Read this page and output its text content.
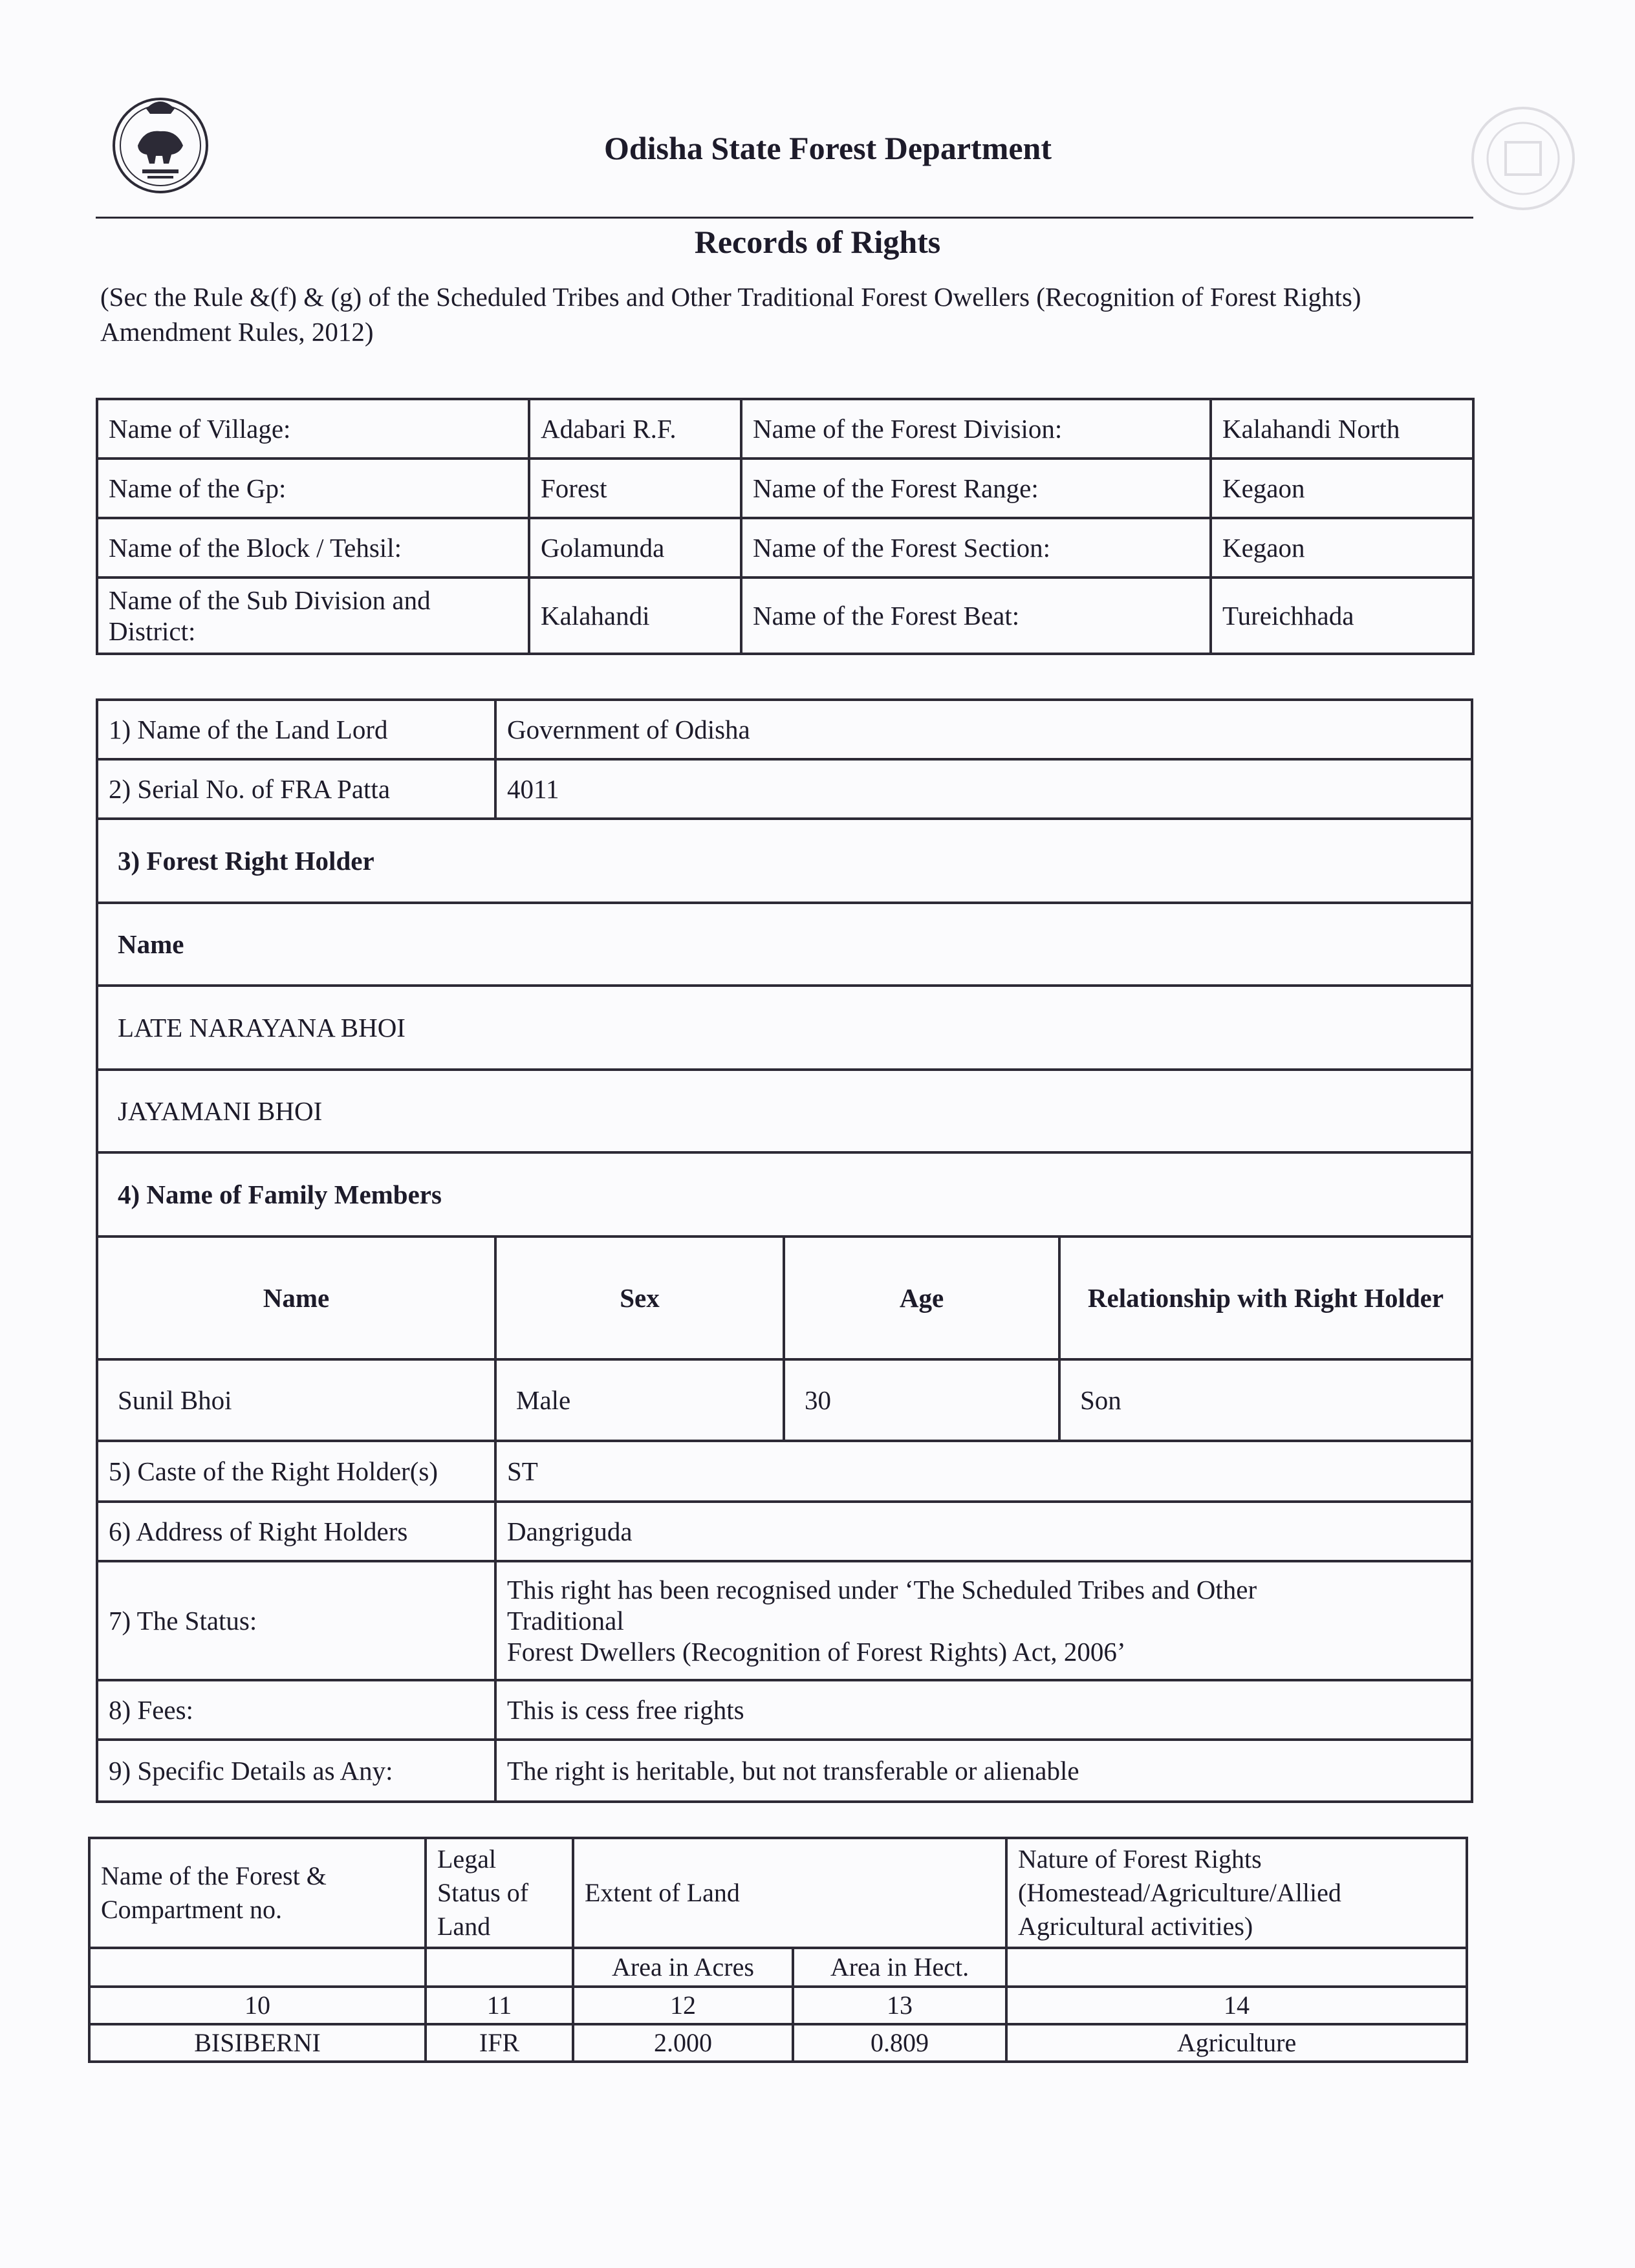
Odisha State Forest Department
Records of Rights
(Sec the Rule &(f) & (g) of the Scheduled Tribes and Other Traditional Forest Owellers (Recognition of Forest Rights) Amendment Rules, 2012)
Name of Village:	Adabari R.F.	Name of the Forest Division:	Kalahandi North
Name of the Gp:	Forest	Name of the Forest Range:	Kegaon
Name of the Block / Tehsil:	Golamunda	Name of the Forest Section:	Kegaon
Name of the Sub Division and District:	Kalahandi	Name of the Forest Beat:	Tureichhada
1) Name of the Land Lord	Government of Odisha		
2) Serial No. of FRA Patta	4011		
3) Forest Right Holder			
Name			
LATE NARAYANA BHOI			
JAYAMANI BHOI			
4) Name of Family Members			
Name	Sex	Age	Relationship with Right Holder
Sunil Bhoi	Male	30	Son
5) Caste of the Right Holder(s)	ST		
6) Address of Right Holders	Dangriguda		
7) The Status:	This right has been recognised under ‘The Scheduled Tribes and Other
Traditional
Forest Dwellers (Recognition of Forest Rights) Act, 2006’		

8) Fees:	This is cess free rights		
9) Specific Details as Any:	The right is heritable, but not transferable or alienable		
Name of the Forest & Compartment no.	Legal Status of Land	Extent of Land		Nature of Forest Rights (Homestead/Agriculture/Allied Agricultural activities)
		Area in Acres	Area in Hect.	
10	11	12	13	14
BISIBERNI	IFR	2.000	0.809	Agriculture
